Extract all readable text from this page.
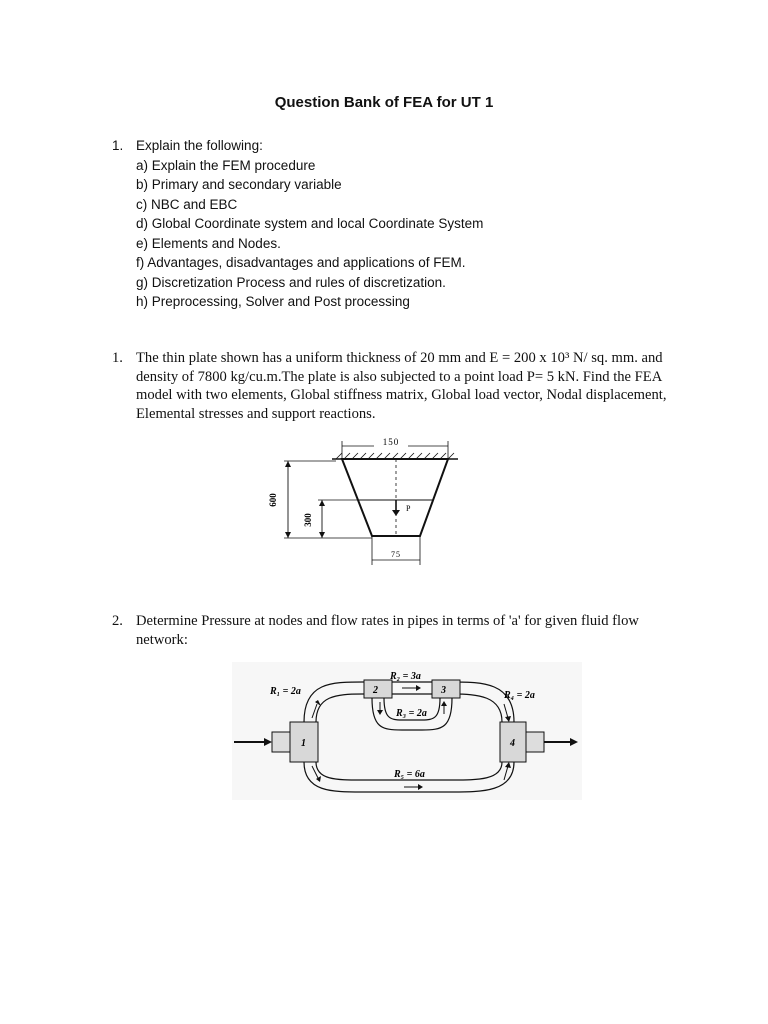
Question Bank of FEA for UT 1
1. Explain the following:
a) Explain the FEM procedure
b) Primary and secondary variable
c) NBC and EBC
d) Global Coordinate system and local Coordinate System
e) Elements and Nodes.
f) Advantages, disadvantages and applications of FEM.
g) Discretization Process and rules of discretization.
h) Preprocessing, Solver and Post processing
1. The thin plate shown has a uniform thickness of 20 mm and E = 200 x 10³ N/ sq. mm. and density of 7800 kg/cu.m.The plate is also subjected to a point load P= 5 kN. Find the FEA model with two elements, Global stiffness matrix, Global load vector, Nodal displacement, Elemental stresses and support reactions.
150
P
75
600
300
2. Determine Pressure at nodes and flow rates in pipes in terms of 'a' for given fluid flow network:
R₁ = 2a
R₂ = 3a
R₃ = 2a
R₄ = 2a
R₅ = 6a
1
2	3
4
